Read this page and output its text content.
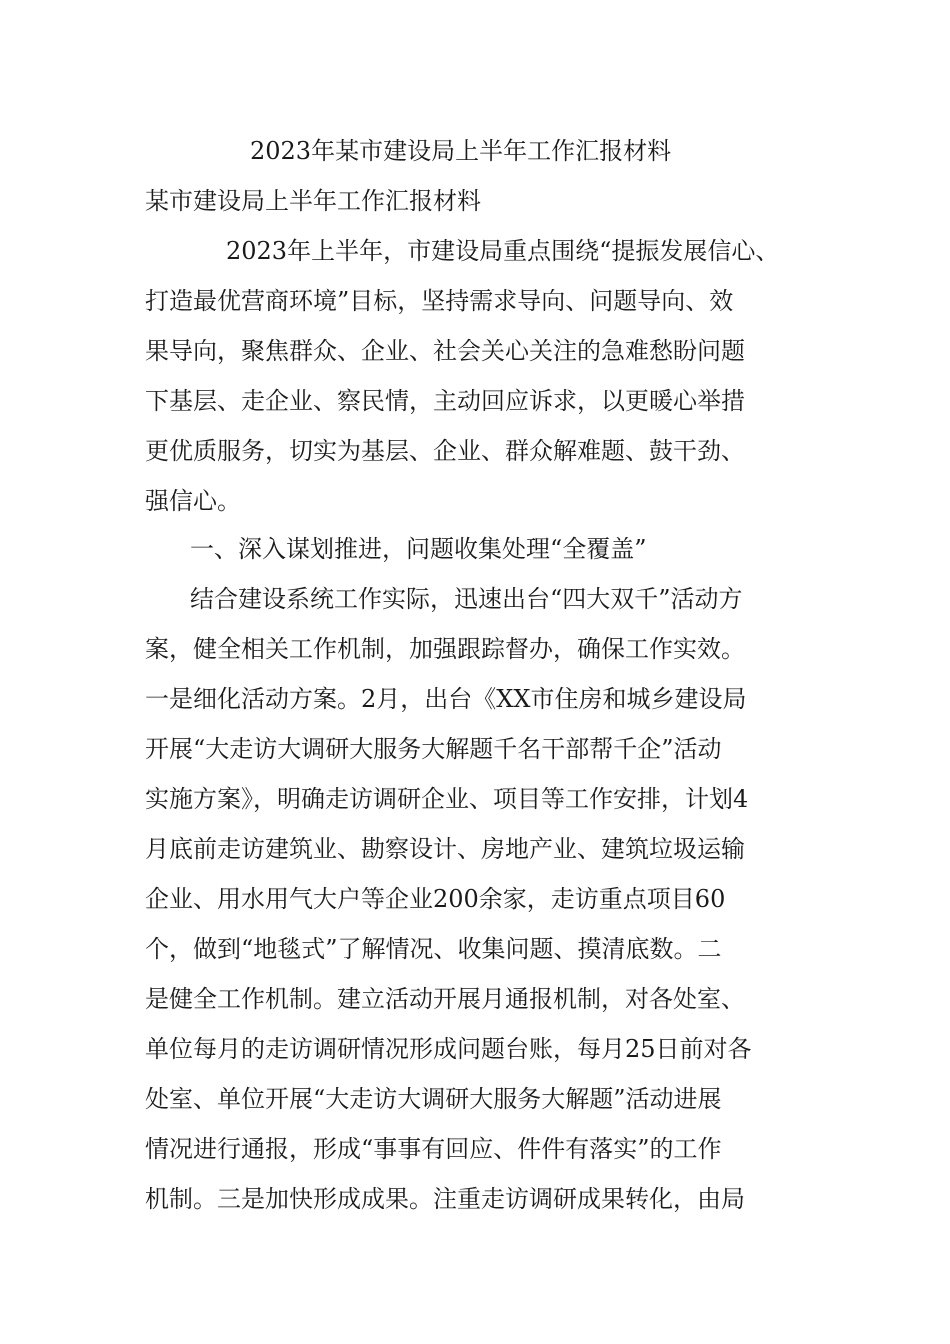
2023年某市建设局上半年工作汇报材料
某市建设局上半年工作汇报材料
2023年上半年，市建设局重点围绕“提振发展信心、
打造最优营商环境”目标，坚持需求导向、问题导向、效
果导向，聚焦群众、企业、社会关心关注的急难愁盼问题
下基层、走企业、察民情，主动回应诉求，以更暖心举措
更优质服务，切实为基层、企业、群众解难题、鼓干劲、
强信心。
一、深入谋划推进，问题收集处理“全覆盖”
结合建设系统工作实际，迅速出台“四大双千”活动方
案，健全相关工作机制，加强跟踪督办，确保工作实效。
一是细化活动方案。2月，出台《XX市住房和城乡建设局
开展“大走访大调研大服务大解题千名干部帮千企”活动
实施方案》，明确走访调研企业、项目等工作安排，计划4
月底前走访建筑业、勘察设计、房地产业、建筑垃圾运输
企业、用水用气大户等企业200余家，走访重点项目60
个，做到“地毯式”了解情况、收集问题、摸清底数。二
是健全工作机制。建立活动开展月通报机制，对各处室、
单位每月的走访调研情况形成问题台账，每月25日前对各
处室、单位开展“大走访大调研大服务大解题”活动进展
情况进行通报，形成“事事有回应、件件有落实”的工作
机制。三是加快形成成果。注重走访调研成果转化，由局
